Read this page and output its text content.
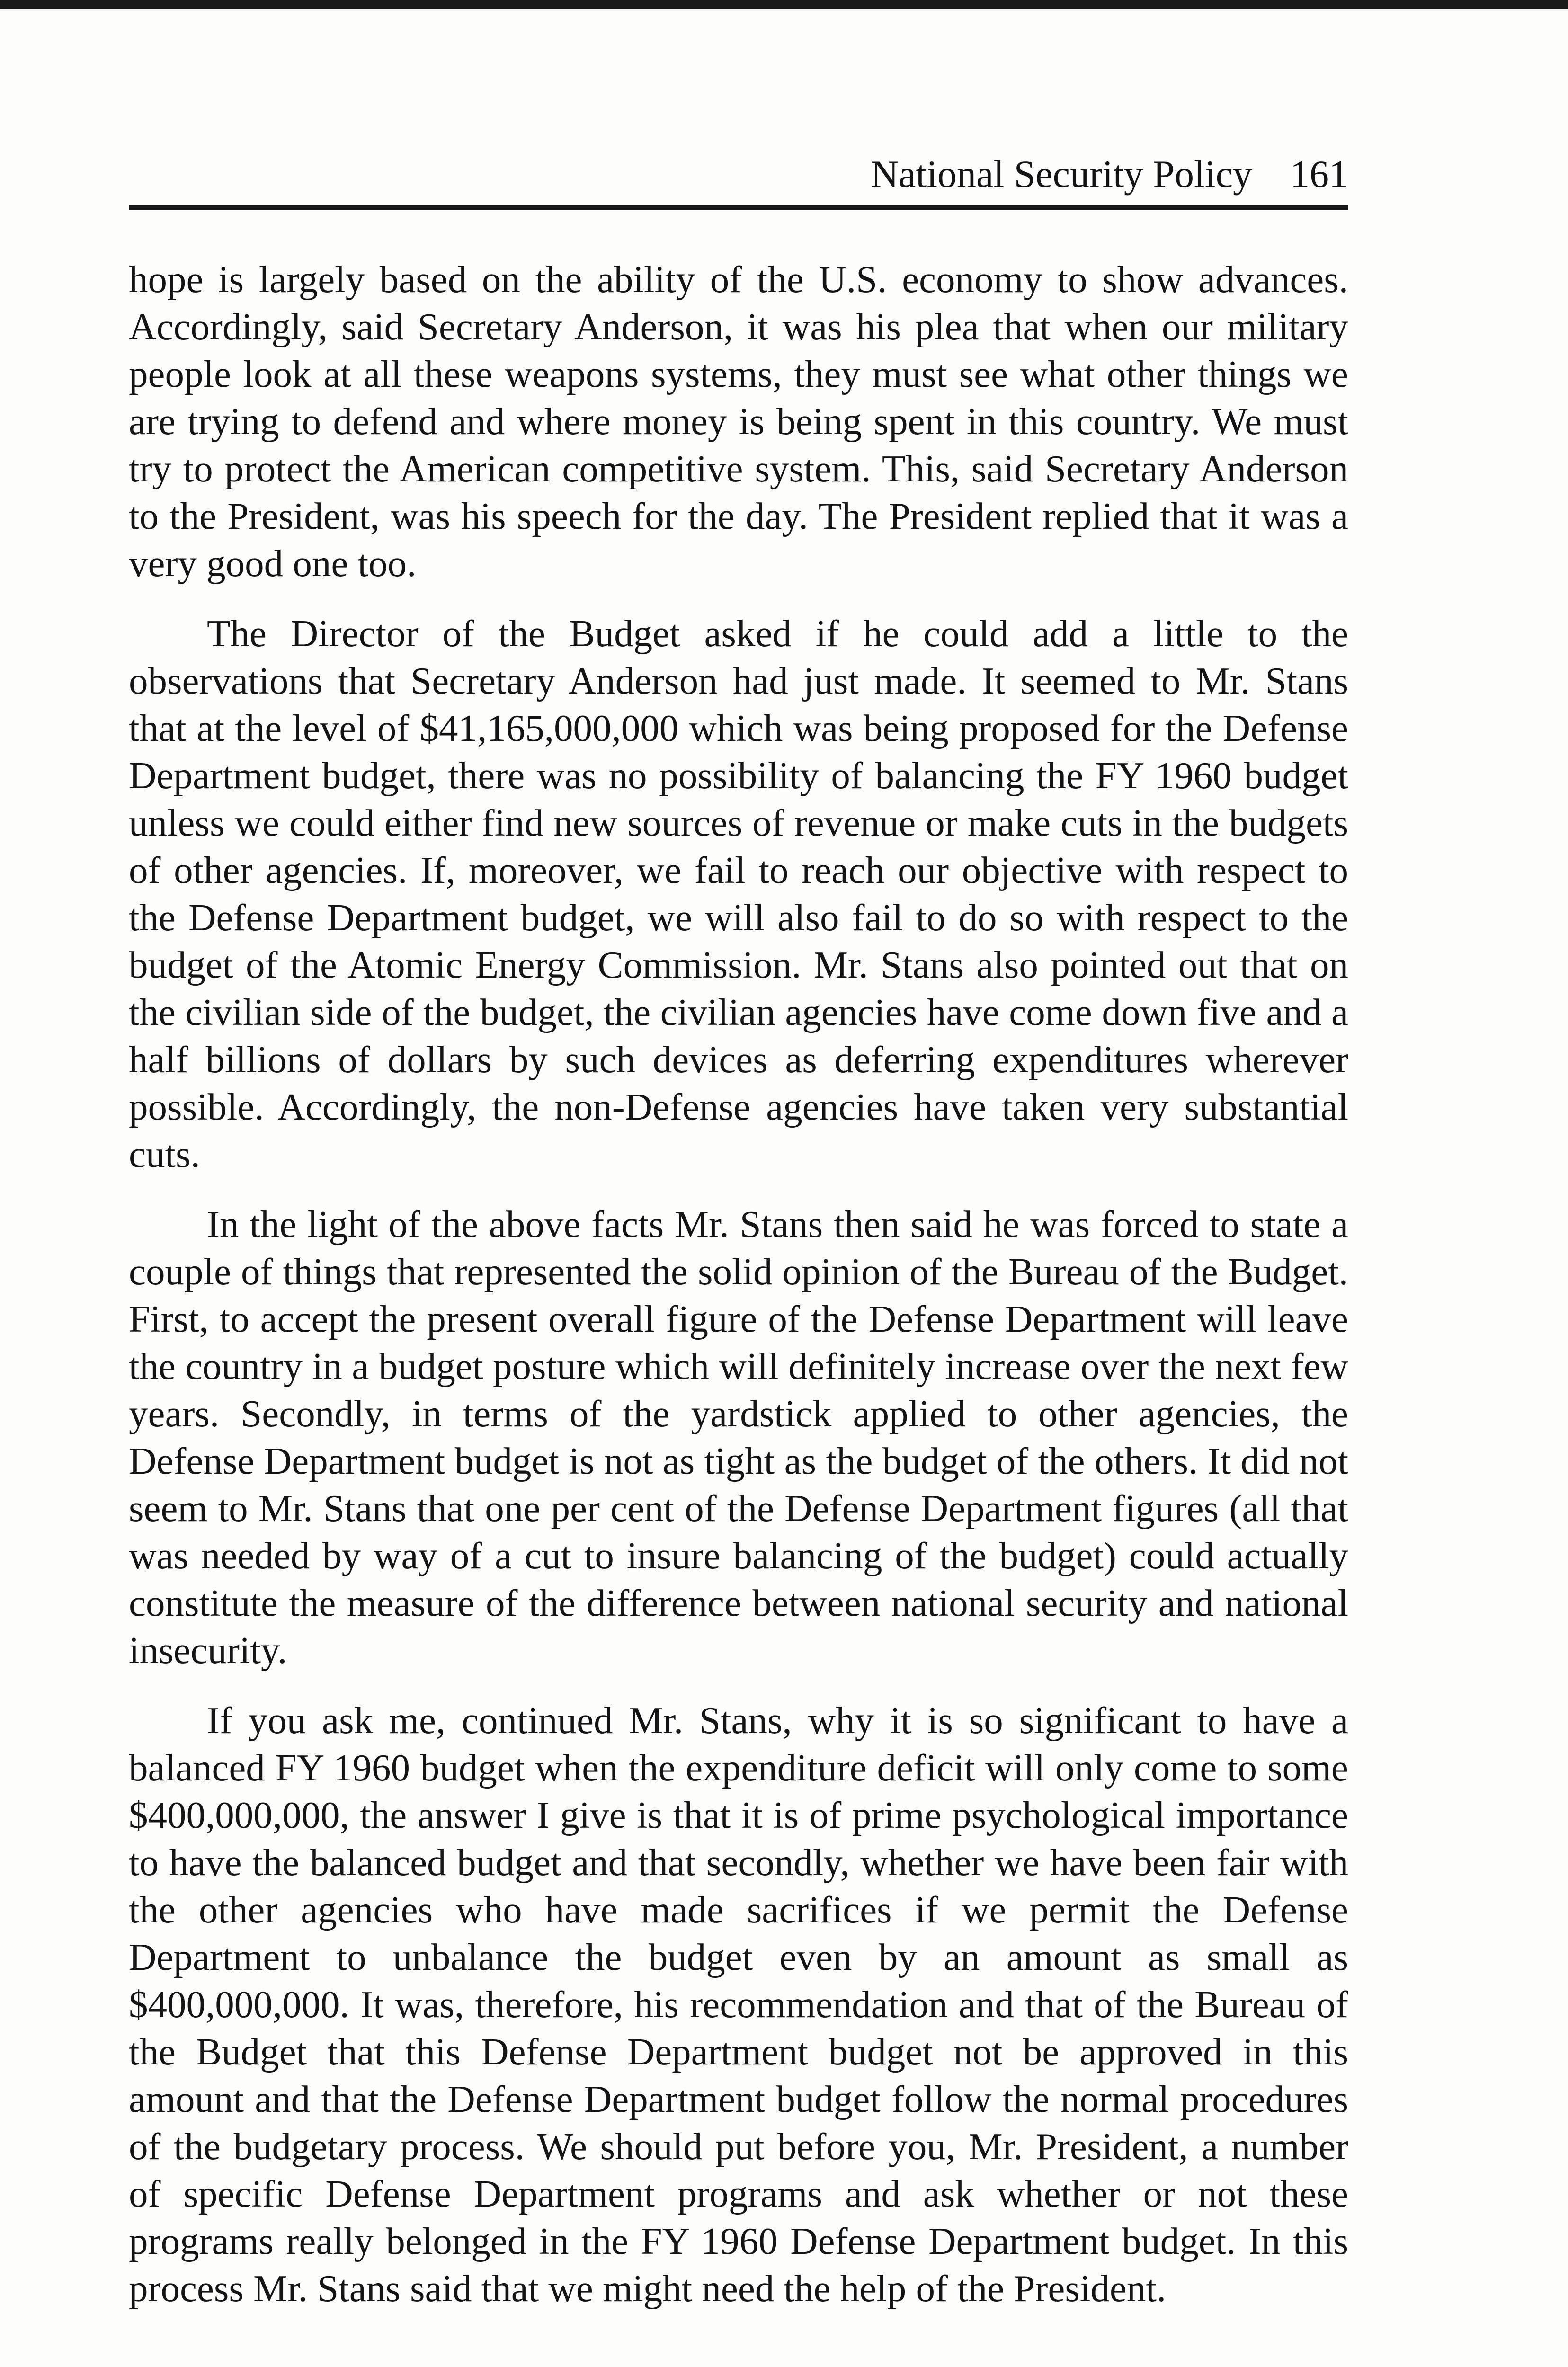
National Security Policy 161

hope is largely based on the ability of the U.S. economy to show advances. Accordingly, said Secretary Anderson, it was his plea that when our military people look at all these weapons systems, they must see what other things we are trying to defend and where money is being spent in this country. We must try to protect the American competitive system. This, said Secretary Anderson to the President, was his speech for the day. The President replied that it was a very good one too.

The Director of the Budget asked if he could add a little to the observations that Secretary Anderson had just made. It seemed to Mr. Stans that at the level of $41,165,000,000 which was being proposed for the Defense Department budget, there was no possibility of balancing the FY 1960 budget unless we could either find new sources of revenue or make cuts in the budgets of other agencies. If, moreover, we fail to reach our objective with respect to the Defense Department budget, we will also fail to do so with respect to the budget of the Atomic Energy Commission. Mr. Stans also pointed out that on the civilian side of the budget, the civilian agencies have come down five and a half billions of dollars by such devices as deferring expenditures wherever possible. Accordingly, the non-Defense agencies have taken very substantial cuts.

In the light of the above facts Mr. Stans then said he was forced to state a couple of things that represented the solid opinion of the Bureau of the Budget. First, to accept the present overall figure of the Defense Department will leave the country in a budget posture which will definitely increase over the next few years. Secondly, in terms of the yardstick applied to other agencies, the Defense Department budget is not as tight as the budget of the others. It did not seem to Mr. Stans that one per cent of the Defense Department figures (all that was needed by way of a cut to insure balancing of the budget) could actually constitute the measure of the difference between national security and national insecurity.

If you ask me, continued Mr. Stans, why it is so significant to have a balanced FY 1960 budget when the expenditure deficit will only come to some $400,000,000, the answer I give is that it is of prime psychological importance to have the balanced budget and that secondly, whether we have been fair with the other agencies who have made sacrifices if we permit the Defense Department to unbalance the budget even by an amount as small as $400,000,000. It was, therefore, his recommendation and that of the Bureau of the Budget that this Defense Department budget not be approved in this amount and that the Defense Department budget follow the normal procedures of the budgetary process. We should put before you, Mr. President, a number of specific Defense Department programs and ask whether or not these programs really belonged in the FY 1960 Defense Department budget. In this process Mr. Stans said that we might need the help of the President.
